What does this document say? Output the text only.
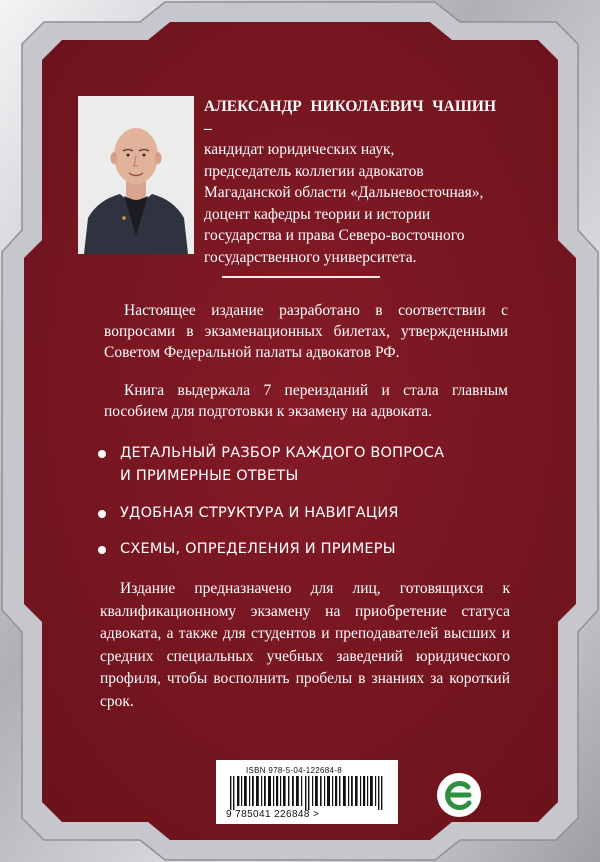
АЛЕКСАНДР НИКОЛАЕВИЧ ЧАШИН –
кандидат юридических наук,
председатель коллегии адвокатов
Магаданской области «Дальневосточная»,
доцент кафедры теории и истории
государства и права Северо-восточного
государственного университета.
Настоящее издание разработано в соответствии с вопросами в экзаменационных билетах, утвержденными Советом Федеральной палаты адвокатов РФ.
Книга выдержала 7 переизданий и стала главным пособием для подготовки к экзамену на адвоката.
ДЕТАЛЬНЫЙ РАЗБОР КАЖДОГО ВОПРОСА
И ПРИМЕРНЫЕ ОТВЕТЫ
УДОБНАЯ СТРУКТУРА И НАВИГАЦИЯ
СХЕМЫ, ОПРЕДЕЛЕНИЯ И ПРИМЕРЫ
Издание предназначено для лиц, готовящихся к квалификационному экзамену на приобретение статуса адвоката, а также для студентов и преподавателей высших и средних специальных учебных заведений юридического профиля, чтобы восполнить пробелы в знаниях за короткий срок.
ISBN 978-5-04-122684-8
9 785041 226848 >
